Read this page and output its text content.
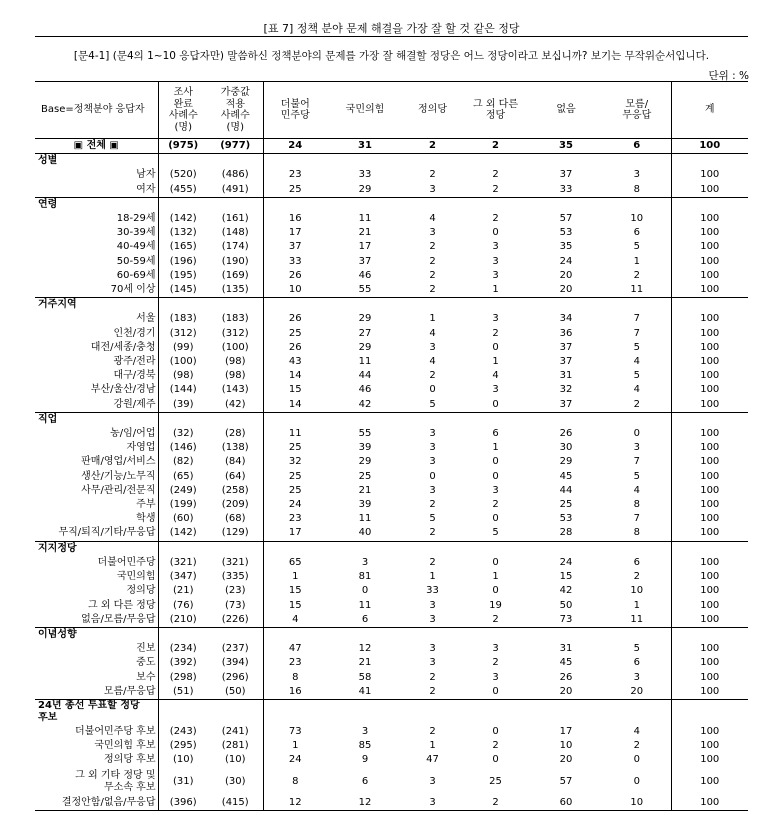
[표 7] 정책 분야 문제 해결을 가장 잘 할 것 같은 정당
[문4-1] (문4의 1~10 응답자만) 말씀하신 정책분야의 문제를 가장 잘 해결할 정당은 어느 정당이라고 보십니까? 보기는 무작위순서입니다.
단위 : %
Base=정책분야 응답자	조사
완료
사례수
(명)	가중값
적용
사례수
(명)	더불어
민주당	국민의힘	정의당	그 외 다른
정당	없음	모름/
무응답	계
▣ 전체 ▣	(975)	(977)	24	31	2	2	35	6	100
성별									
남자	(520)	(486)	23	33	2	2	37	3	100
여자	(455)	(491)	25	29	3	2	33	8	100
연령									
18-29세	(142)	(161)	16	11	4	2	57	10	100
30-39세	(132)	(148)	17	21	3	0	53	6	100
40-49세	(165)	(174)	37	17	2	3	35	5	100
50-59세	(196)	(190)	33	37	2	3	24	1	100
60-69세	(195)	(169)	26	46	2	3	20	2	100
70세 이상	(145)	(135)	10	55	2	1	20	11	100
거주지역									
서울	(183)	(183)	26	29	1	3	34	7	100
인천/경기	(312)	(312)	25	27	4	2	36	7	100
대전/세종/충청	(99)	(100)	26	29	3	0	37	5	100
광주/전라	(100)	(98)	43	11	4	1	37	4	100
대구/경북	(98)	(98)	14	44	2	4	31	5	100
부산/울산/경남	(144)	(143)	15	46	0	3	32	4	100
강원/제주	(39)	(42)	14	42	5	0	37	2	100
직업									
농/임/어업	(32)	(28)	11	55	3	6	26	0	100
자영업	(146)	(138)	25	39	3	1	30	3	100
판매/영업/서비스	(82)	(84)	32	29	3	0	29	7	100
생산/기능/노무직	(65)	(64)	25	25	0	0	45	5	100
사무/관리/전문직	(249)	(258)	25	21	3	3	44	4	100
주부	(199)	(209)	24	39	2	2	25	8	100
학생	(60)	(68)	23	11	5	0	53	7	100
무직/퇴직/기타/무응답	(142)	(129)	17	40	2	5	28	8	100
지지정당									
더불어민주당	(321)	(321)	65	3	2	0	24	6	100
국민의힘	(347)	(335)	1	81	1	1	15	2	100
정의당	(21)	(23)	15	0	33	0	42	10	100
그 외 다른 정당	(76)	(73)	15	11	3	19	50	1	100
없음/모름/무응답	(210)	(226)	4	6	3	2	73	11	100
이념성향									
진보	(234)	(237)	47	12	3	3	31	5	100
중도	(392)	(394)	23	21	3	2	45	6	100
보수	(298)	(296)	8	58	2	3	26	3	100
모름/무응답	(51)	(50)	16	41	2	0	20	20	100
24년 총선 투표할 정당									
후보									
더불어민주당 후보	(243)	(241)	73	3	2	0	17	4	100
국민의힘 후보	(295)	(281)	1	85	1	2	10	2	100
정의당 후보	(10)	(10)	24	9	47	0	20	0	100
그 외 기타 정당 및
무소속 후보	(31)	(30)	8	6	3	25	57	0	100
결정안함/없음/무응답	(396)	(415)	12	12	3	2	60	10	100
